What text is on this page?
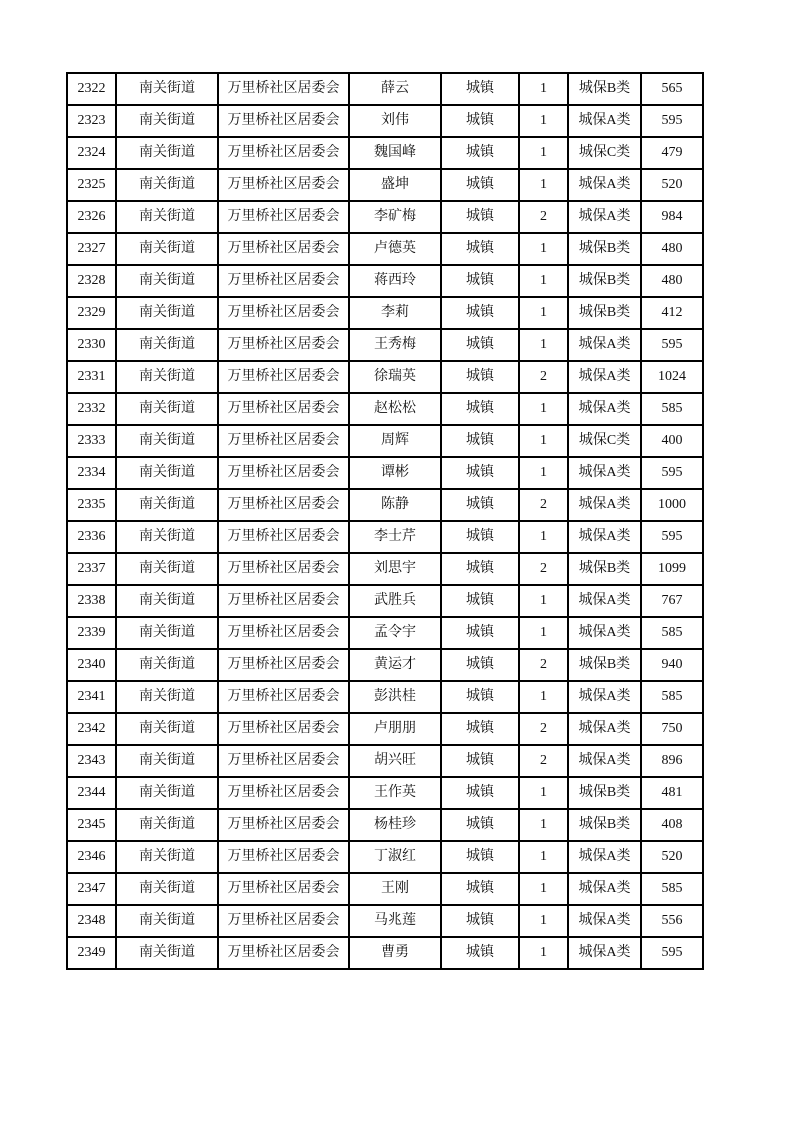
2322	南关街道	万里桥社区居委会	薛云	城镇	1	城保B类	565
2323	南关街道	万里桥社区居委会	刘伟	城镇	1	城保A类	595
2324	南关街道	万里桥社区居委会	魏国峰	城镇	1	城保C类	479
2325	南关街道	万里桥社区居委会	盛坤	城镇	1	城保A类	520
2326	南关街道	万里桥社区居委会	李矿梅	城镇	2	城保A类	984
2327	南关街道	万里桥社区居委会	卢德英	城镇	1	城保B类	480
2328	南关街道	万里桥社区居委会	蒋西玲	城镇	1	城保B类	480
2329	南关街道	万里桥社区居委会	李莉	城镇	1	城保B类	412
2330	南关街道	万里桥社区居委会	王秀梅	城镇	1	城保A类	595
2331	南关街道	万里桥社区居委会	徐瑞英	城镇	2	城保A类	1024
2332	南关街道	万里桥社区居委会	赵松松	城镇	1	城保A类	585
2333	南关街道	万里桥社区居委会	周辉	城镇	1	城保C类	400
2334	南关街道	万里桥社区居委会	谭彬	城镇	1	城保A类	595
2335	南关街道	万里桥社区居委会	陈静	城镇	2	城保A类	1000
2336	南关街道	万里桥社区居委会	李士芹	城镇	1	城保A类	595
2337	南关街道	万里桥社区居委会	刘思宇	城镇	2	城保B类	1099
2338	南关街道	万里桥社区居委会	武胜兵	城镇	1	城保A类	767
2339	南关街道	万里桥社区居委会	孟令宇	城镇	1	城保A类	585
2340	南关街道	万里桥社区居委会	黄运才	城镇	2	城保B类	940
2341	南关街道	万里桥社区居委会	彭洪桂	城镇	1	城保A类	585
2342	南关街道	万里桥社区居委会	卢朋朋	城镇	2	城保A类	750
2343	南关街道	万里桥社区居委会	胡兴旺	城镇	2	城保A类	896
2344	南关街道	万里桥社区居委会	王作英	城镇	1	城保B类	481
2345	南关街道	万里桥社区居委会	杨桂珍	城镇	1	城保B类	408
2346	南关街道	万里桥社区居委会	丁淑红	城镇	1	城保A类	520
2347	南关街道	万里桥社区居委会	王刚	城镇	1	城保A类	585
2348	南关街道	万里桥社区居委会	马兆莲	城镇	1	城保A类	556
2349	南关街道	万里桥社区居委会	曹勇	城镇	1	城保A类	595
